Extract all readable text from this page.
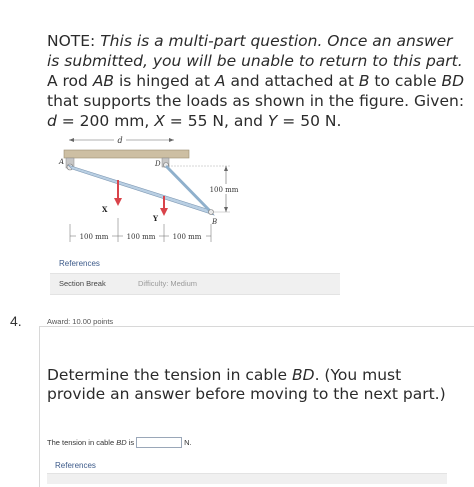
NOTE: This is a multi-part question. Once an answer is submitted, you will be unable to return to this part.

A rod AB is hinged at A and attached at B to cable BD that supports the loads as shown in the figure. Given: d = 200 mm, X = 55 N, and Y = 50 N.

d
A	D
B
X
Y
100 mm
100 mm	100 mm 100 mm
References
Section Break	Difficulty: Medium
4.	Award: 10.00 points
Determine the tension in cable BD. (You must provide an answer before moving to the next part.)
The tension in cable BD is	N.
References
